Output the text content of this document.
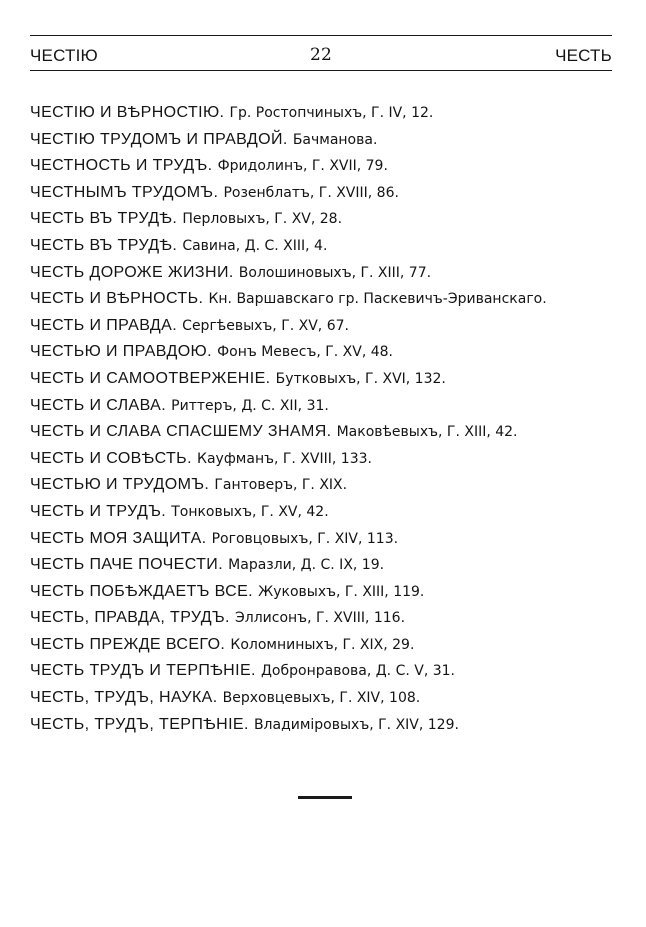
ЧЕСТІЮ	22	ЧЕСТЬ
ЧЕСТІЮ И ВѢРНОСТІЮ. Гр. Ростопчиныхъ, Г. IV, 12.
ЧЕСТІЮ ТРУДОМЪ И ПРАВДОЙ. Бачманова.
ЧЕСТНОСТЬ И ТРУДЪ. Фридолинъ, Г. XVII, 79.
ЧЕСТНЫМЪ ТРУДОМЪ. Розенблатъ, Г. XVIII, 86.
ЧЕСТЬ ВЪ ТРУДѢ. Перловыхъ, Г. XV, 28.
ЧЕСТЬ ВЪ ТРУДѢ. Савина, Д. С. XIII, 4.
ЧЕСТЬ ДОРОЖЕ ЖИЗНИ. Волошиновыхъ, Г. XIII, 77.
ЧЕСТЬ И ВѢРНОСТЬ. Кн. Варшавскаго гр. Паскевичъ-Эриванскаго.
ЧЕСТЬ И ПРАВДА. Сергѣевыхъ, Г. XV, 67.
ЧЕСТЬЮ И ПРАВДОЮ. Фонъ Мевесъ, Г. XV, 48.
ЧЕСТЬ И САМООТВЕРЖЕНІЕ. Бутковыхъ, Г. XVI, 132.
ЧЕСТЬ И СЛАВА. Риттеръ, Д. С. XII, 31.
ЧЕСТЬ И СЛАВА СПАСШЕМУ ЗНАМЯ. Маковѣевыхъ, Г. XIII, 42.
ЧЕСТЬ И СОВѢСТЬ. Кауфманъ, Г. XVIII, 133.
ЧЕСТЬЮ И ТРУДОМЪ. Гантоверъ, Г. XIX.
ЧЕСТЬ И ТРУДЪ. Тонковыхъ, Г. XV, 42.
ЧЕСТЬ МОЯ ЗАЩИТА. Роговцовыхъ, Г. XIV, 113.
ЧЕСТЬ ПАЧЕ ПОЧЕСТИ. Маразли, Д. С. IX, 19.
ЧЕСТЬ ПОБѢЖДАЕТЪ ВСЕ. Жуковыхъ, Г. XIII, 119.
ЧЕСТЬ, ПРАВДА, ТРУДЪ. Эллисонъ, Г. XVIII, 116.
ЧЕСТЬ ПРЕЖДЕ ВСЕГО. Коломниныхъ, Г. XIX, 29.
ЧЕСТЬ ТРУДЪ И ТЕРПѢНІЕ. Добронравова, Д. С. V, 31.
ЧЕСТЬ, ТРУДЪ, НАУКА. Верховцевыхъ, Г. XIV, 108.
ЧЕСТЬ, ТРУДЪ, ТЕРПѢНІЕ. Владиміровыхъ, Г. XIV, 129.
